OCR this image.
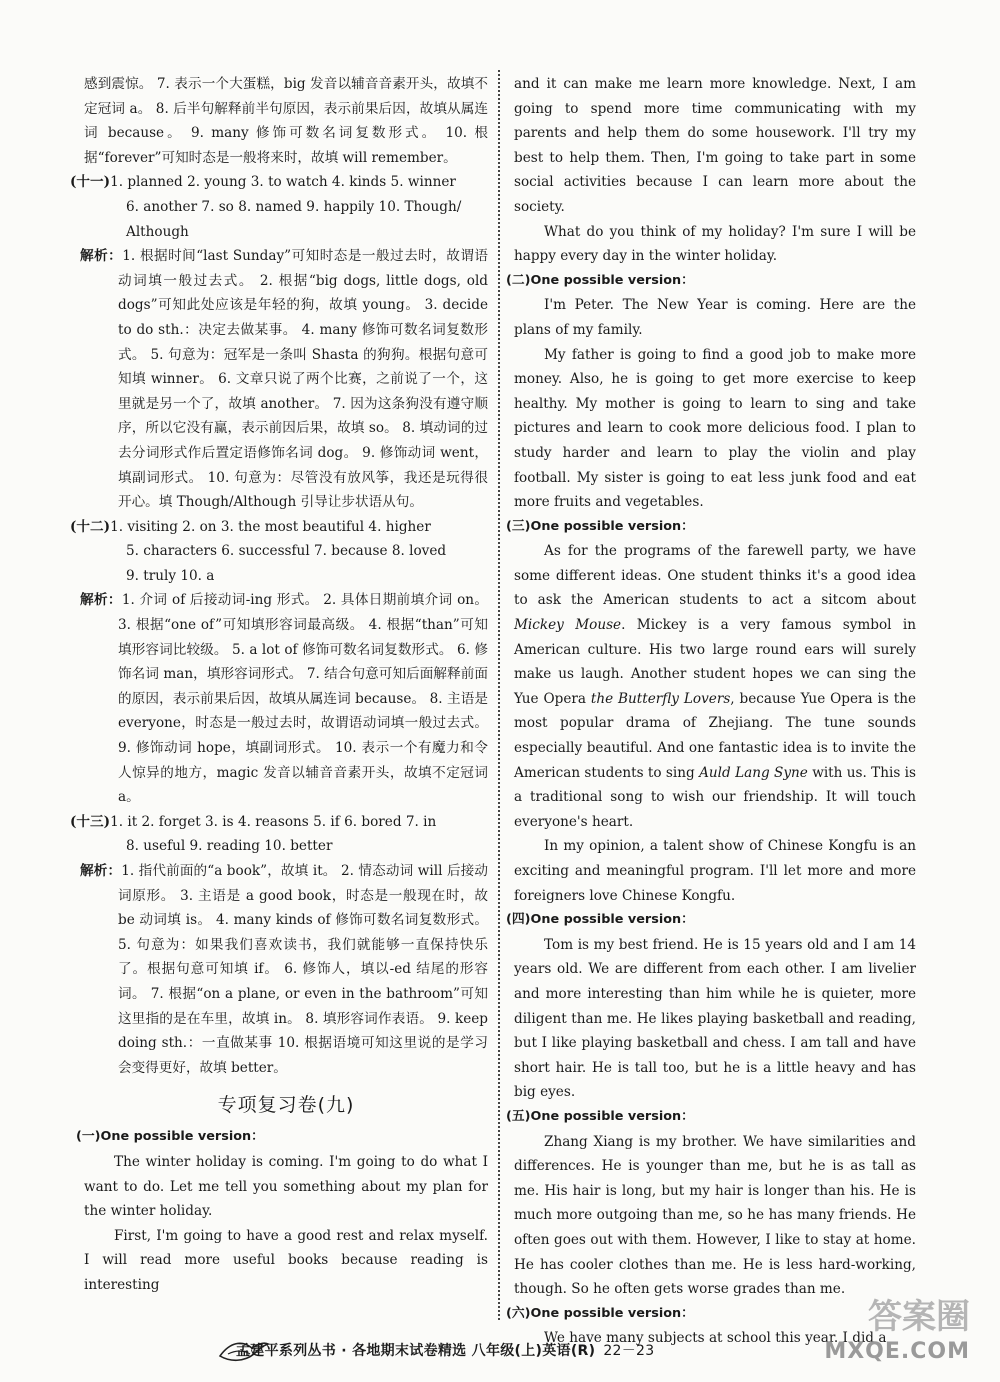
感到震惊。 7. 表示一个大蛋糕，big 发音以辅音音素开头，故填不定冠词 a。 8. 后半句解释前半句原因，表示前果后因，故填从属连词 because。 9. many 修饰可数名词复数形式。 10. 根据“forever”可知时态是一般将来时，故填 will remember。

(十一)1. planned 2. young 3. to watch 4. kinds 5. winner

6. another 7. so 8. named 9. happily 10. Though/

Although

解析：1. 根据时间“last Sunday”可知时态是一般过去时，故谓语动词填一般过去式。 2. 根据“big dogs, little dogs, old dogs”可知此处应该是年轻的狗，故填 young。 3. decide to do sth.：决定去做某事。 4. many 修饰可数名词复数形式。 5. 句意为：冠军是一条叫 Shasta 的狗狗。根据句意可知填 winner。 6. 文章只说了两个比赛，之前说了一个，这里就是另一个了，故填 another。 7. 因为这条狗没有遵守顺序，所以它没有赢，表示前因后果，故填 so。 8. 填动词的过去分词形式作后置定语修饰名词 dog。 9. 修饰动词 went，填副词形式。 10. 句意为：尽管没有放风筝，我还是玩得很开心。填 Though/Although 引导让步状语从句。

(十二)1. visiting 2. on 3. the most beautiful 4. higher

5. characters 6. successful 7. because 8. loved

9. truly 10. a

解析：1. 介词 of 后接动词-ing 形式。 2. 具体日期前填介词 on。 3. 根据“one of”可知填形容词最高级。 4. 根据“than”可知填形容词比较级。 5. a lot of 修饰可数名词复数形式。 6. 修饰名词 man，填形容词形式。 7. 结合句意可知后面解释前面的原因，表示前果后因，故填从属连词 because。 8. 主语是 everyone，时态是一般过去时，故谓语动词填一般过去式。 9. 修饰动词 hope，填副词形式。 10. 表示一个有魔力和令人惊异的地方，magic 发音以辅音音素开头，故填不定冠词 a。

(十三)1. it 2. forget 3. is 4. reasons 5. if 6. bored 7. in

8. useful 9. reading 10. better

解析：1. 指代前面的“a book”，故填 it。 2. 情态动词 will 后接动词原形。 3. 主语是 a good book，时态是一般现在时，故 be 动词填 is。 4. many kinds of 修饰可数名词复数形式。 5. 句意为：如果我们喜欢读书，我们就能够一直保持快乐了。根据句意可知填 if。 6. 修饰人，填以-ed 结尾的形容词。 7. 根据“on a plane, or even in the bathroom”可知这里指的是在车里，故填 in。 8. 填形容词作表语。 9. keep doing sth.：一直做某事 10. 根据语境可知这里说的是学习会变得更好，故填 better。

专项复习卷(九)
(一)One possible version：

The winter holiday is coming. I'm going to do what I want to do. Let me tell you something about my plan for the winter holiday.

First, I'm going to have a good rest and relax myself. I will read more useful books because reading is interesting

and it can make me learn more knowledge. Next, I am going to spend more time communicating with my parents and help them do some housework. I'll try my best to help them. Then, I'm going to take part in some social activities because I can learn more about the society.

What do you think of my holiday? I'm sure I will be happy every day in the winter holiday.

(二)One possible version：

I'm Peter. The New Year is coming. Here are the plans of my family.

My father is going to find a good job to make more money. Also, he is going to get more exercise to keep healthy. My mother is going to learn to sing and take pictures and learn to cook more delicious food. I plan to study harder and learn to play the violin and play football. My sister is going to eat less junk food and eat more fruits and vegetables.

(三)One possible version：

As for the programs of the farewell party, we have some different ideas. One student thinks it's a good idea to ask the American students to act a sitcom about Mickey Mouse. Mickey is a very famous symbol in American culture. His two large round ears will surely make us laugh. Another student hopes we can sing the Yue Opera the Butterfly Lovers, because Yue Opera is the most popular drama of Zhejiang. The tune sounds especially beautiful. And one fantastic idea is to invite the American students to sing Auld Lang Syne with us. This is a traditional song to wish our friendship. It will touch everyone's heart.

In my opinion, a talent show of Chinese Kongfu is an exciting and meaningful program. I'll let more and more foreigners love Chinese Kongfu.

(四)One possible version：

Tom is my best friend. He is 15 years old and I am 14 years old. We are different from each other. I am livelier and more interesting than him while he is quieter, more diligent than me. He likes playing basketball and reading, but I like playing basketball and chess. I am tall and have short hair. He is tall too, but he is a little heavy and has big eyes.

(五)One possible version：

Zhang Xiang is my brother. We have similarities and differences. He is younger than me, but he is as tall as me. His hair is long, but my hair is longer than his. He is much more outgoing than me, so he has many friends. He often goes out with them. However, I like to stay at home. He has cooler clothes than me. He is less hard-working, though. So he often gets worse grades than me.

(六)One possible version：

We have many subjects at school this year. I did a

孟建平系列丛书 · 各地期末试卷精选 八年级(上)英语(R) 22－23
答案圈
MXQE.COM
